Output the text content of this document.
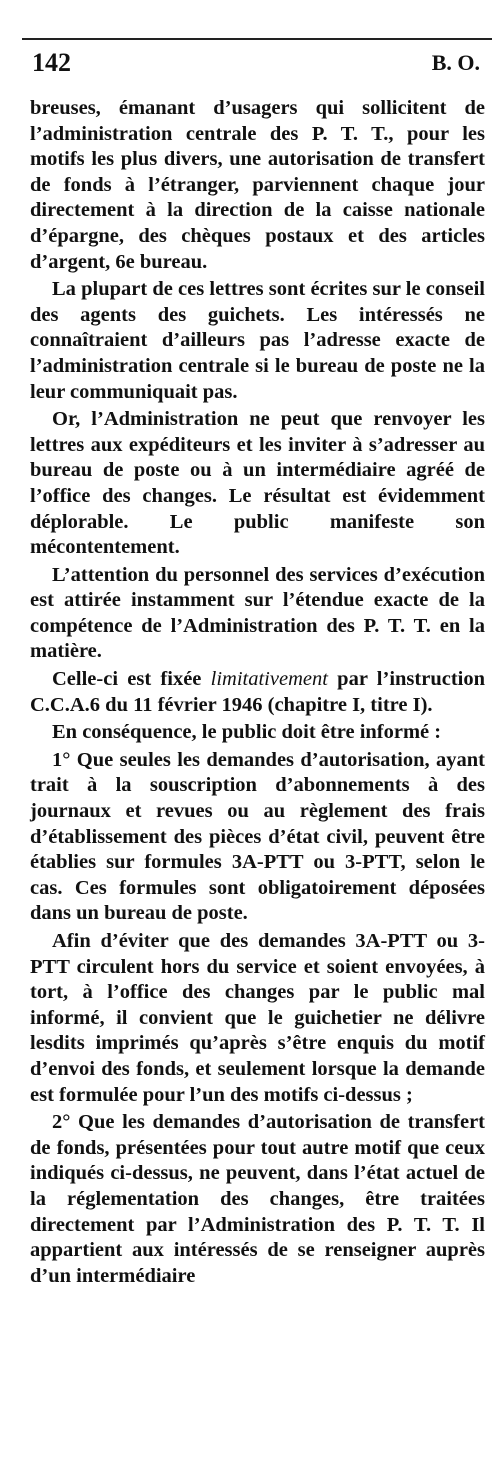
142	B. O.

breuses, émanant d’usagers qui sollicitent de l’administration centrale des P. T. T., pour les motifs les plus divers, une autorisation de transfert de fonds à l’étranger, parviennent chaque jour directement à la direction de la caisse nationale d’épargne, des chèques postaux et des articles d’argent, 6e bureau.

La plupart de ces lettres sont écrites sur le conseil des agents des guichets. Les intéressés ne connaîtraient d’ailleurs pas l’adresse exacte de l’administration centrale si le bureau de poste ne la leur communiquait pas.

Or, l’Administration ne peut que renvoyer les lettres aux expéditeurs et les inviter à s’adresser au bureau de poste ou à un intermédiaire agréé de l’office des changes. Le résultat est évidemment déplorable. Le public manifeste son mécontentement.

L’attention du personnel des services d’exécution est attirée instamment sur l’étendue exacte de la compétence de l’Administration des P. T. T. en la matière.

Celle-ci est fixée limitativement par l’instruction C.C.A.6 du 11 février 1946 (chapitre I, titre I).

En conséquence, le public doit être informé :

1° Que seules les demandes d’autorisation, ayant trait à la souscription d’abonnements à des journaux et revues ou au règlement des frais d’établissement des pièces d’état civil, peuvent être établies sur formules 3A-PTT ou 3-PTT, selon le cas. Ces formules sont obligatoirement déposées dans un bureau de poste.

Afin d’éviter que des demandes 3A-PTT ou 3-PTT circulent hors du service et soient envoyées, à tort, à l’office des changes par le public mal informé, il convient que le guichetier ne délivre lesdits imprimés qu’après s’être enquis du motif d’envoi des fonds, et seulement lorsque la demande est formulée pour l’un des motifs ci-dessus ;

2° Que les demandes d’autorisation de transfert de fonds, présentées pour tout autre motif que ceux indiqués ci-dessus, ne peuvent, dans l’état actuel de la réglementation des changes, être traitées directement par l’Administration des P. T. T. Il appartient aux intéressés de se renseigner auprès d’un intermédiaire
